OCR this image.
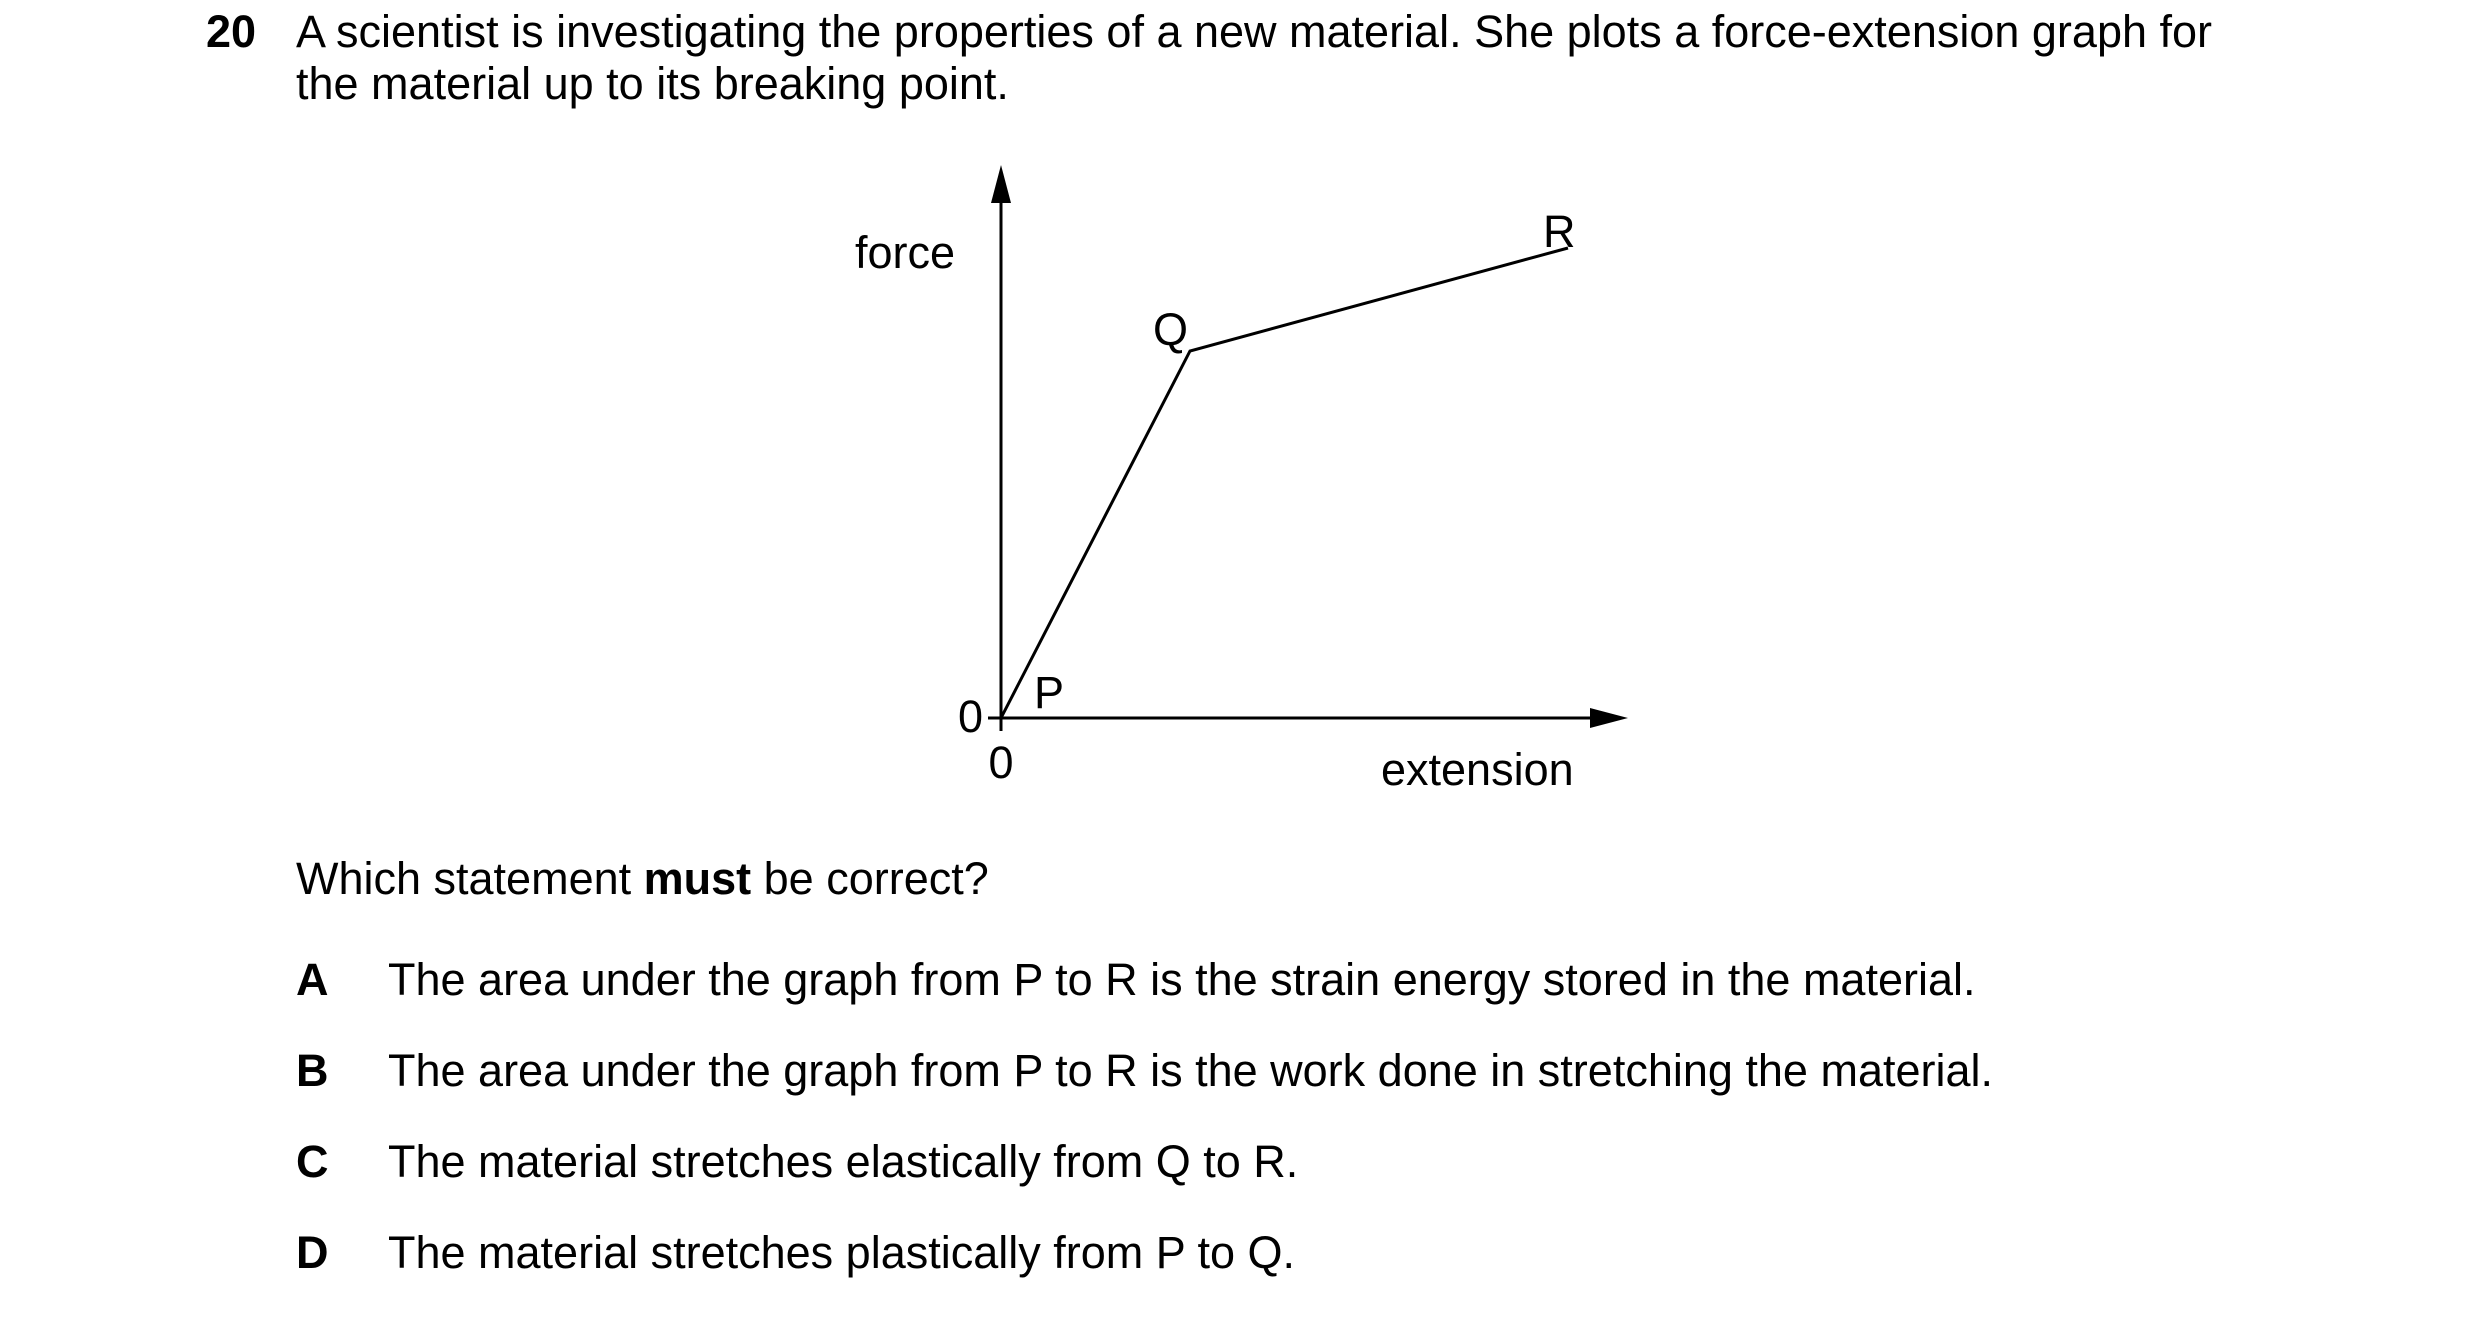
20 A scientist is investigating the properties of a new material. She plots a force-extension graph for

the material up to its breaking point.

force
extension
0
0
P
Q
R
Which statement must be correct?
A	The area under the graph from P to R is the strain energy stored in the material.
B	The area under the graph from P to R is the work done in stretching the material.
C	The material stretches elastically from Q to R.
D	The material stretches plastically from P to Q.
